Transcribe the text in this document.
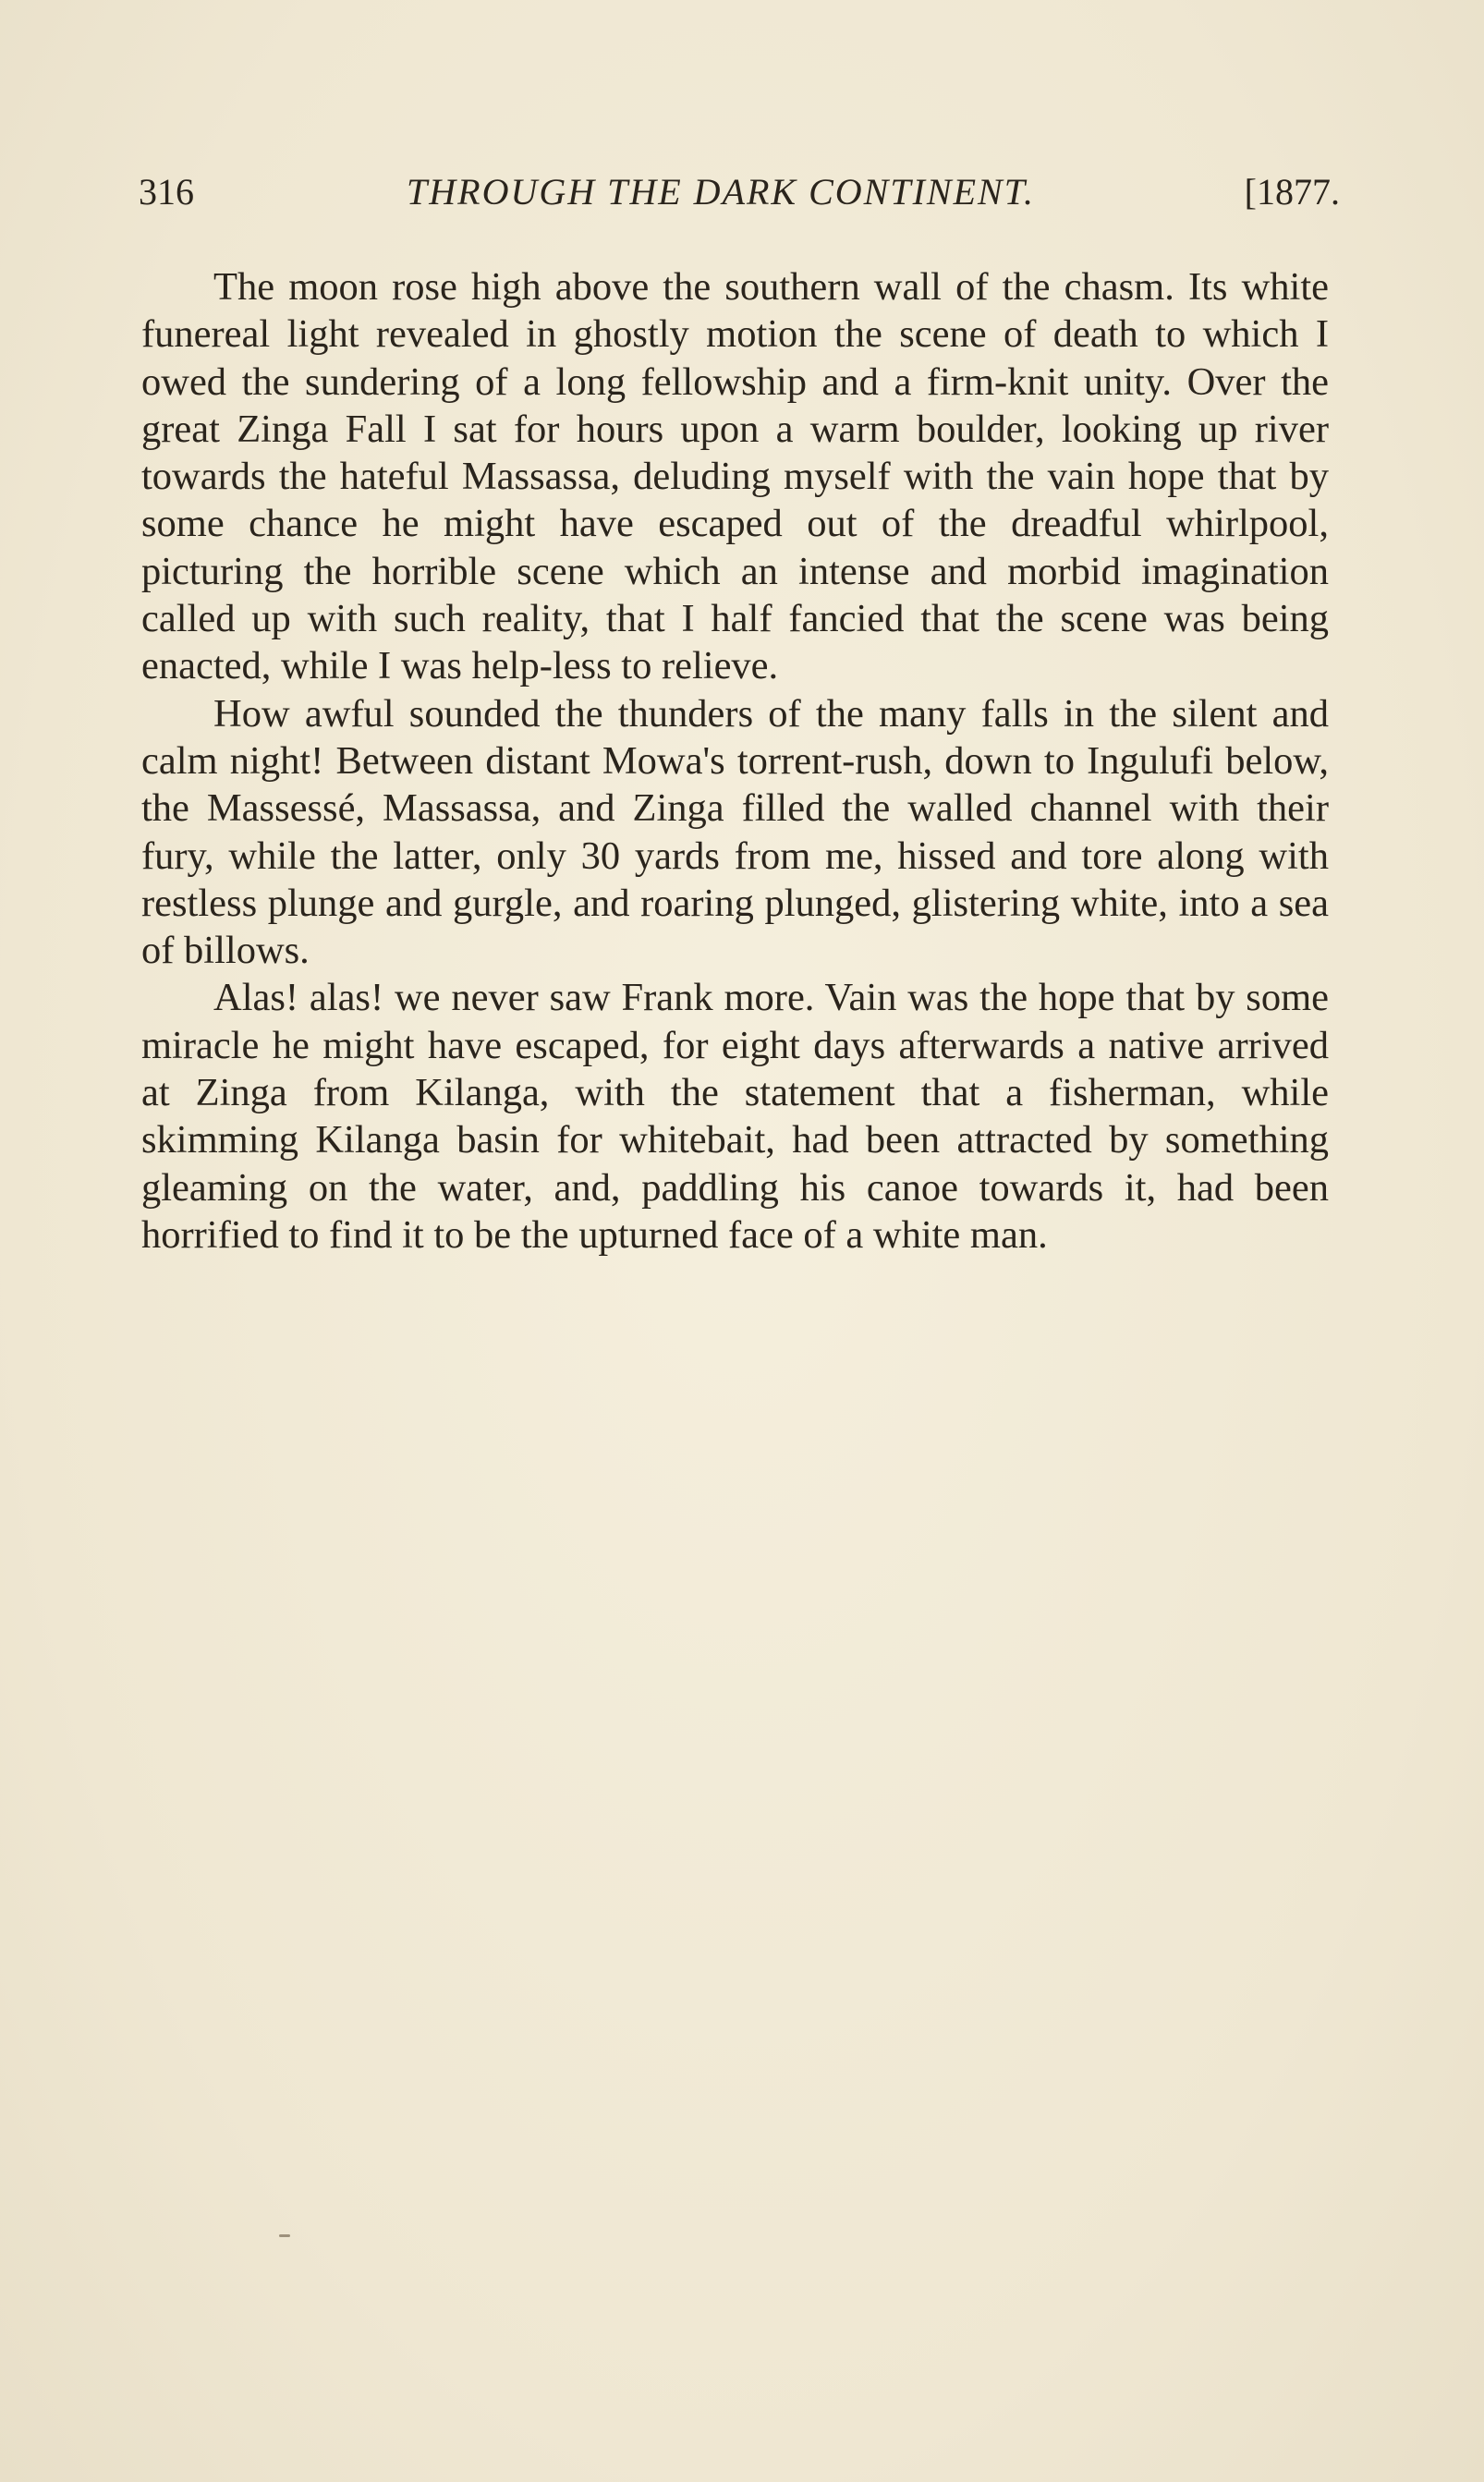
316	THROUGH THE DARK CONTINENT.	[1877.

The moon rose high above the southern wall of the chasm. Its white funereal light revealed in ghostly motion the scene of death to which I owed the sundering of a long fellowship and a firm-knit unity. Over the great Zinga Fall I sat for hours upon a warm boulder, looking up river towards the hateful Massassa, deluding myself with the vain hope that by some chance he might have escaped out of the dreadful whirlpool, picturing the horrible scene which an intense and morbid imagination called up with such reality, that I half fancied that the scene was being enacted, while I was help-less to relieve.

How awful sounded the thunders of the many falls in the silent and calm night! Between distant Mowa's torrent-rush, down to Ingulufi below, the Massessé, Massassa, and Zinga filled the walled channel with their fury, while the latter, only 30 yards from me, hissed and tore along with restless plunge and gurgle, and roaring plunged, glistering white, into a sea of billows.

Alas! alas! we never saw Frank more. Vain was the hope that by some miracle he might have escaped, for eight days afterwards a native arrived at Zinga from Kilanga, with the statement that a fisherman, while skimming Kilanga basin for whitebait, had been attracted by something gleaming on the water, and, paddling his canoe towards it, had been horrified to find it to be the upturned face of a white man.
